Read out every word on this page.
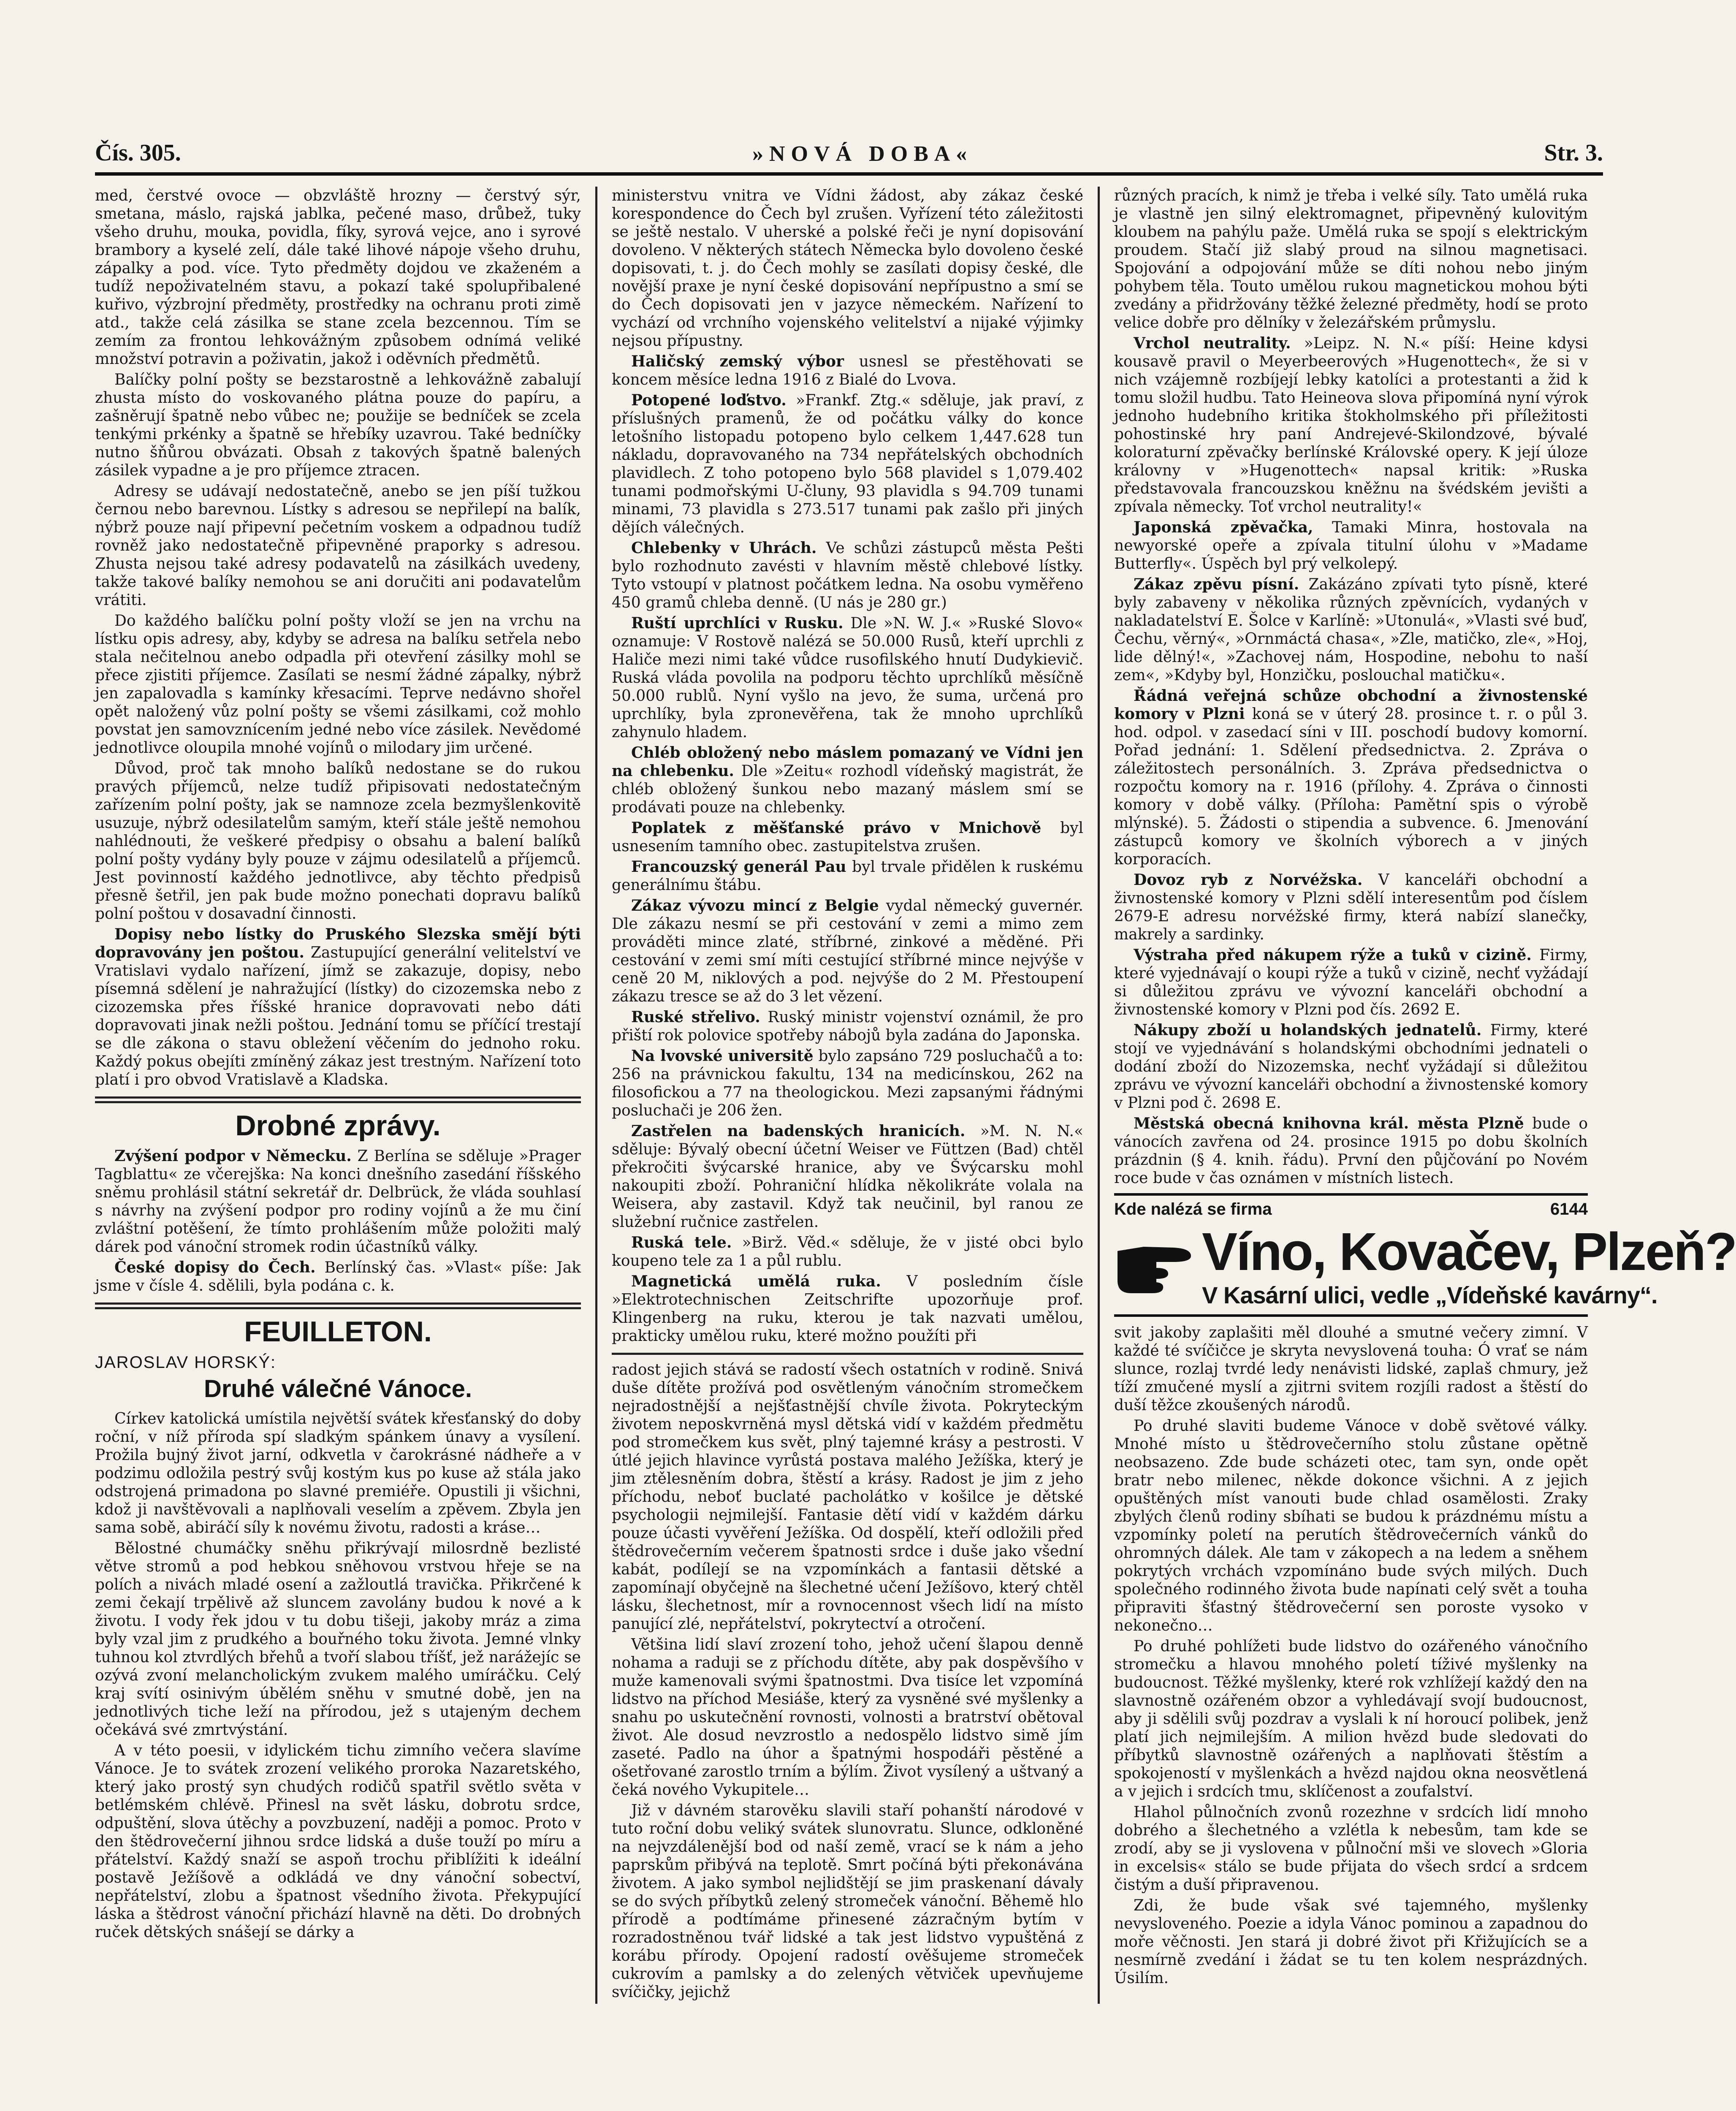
Čís. 305.	»NOVÁ DOBA«	Str. 3.

med, čerstvé ovoce — obzvláště hrozny — čerstvý sýr, smetana, máslo, rajská jablka, pečené maso, drůbež, tuky všeho druhu, mouka, povidla, fíky, syrová vejce, ano i syrové brambory a kyselé zelí, dále také lihové nápoje všeho druhu, zápalky a pod. více. Tyto předměty dojdou ve zkaženém a tudíž nepoživatelném stavu, a pokazí také spolupřibalené kuřivo, výzbrojní předměty, prostředky na ochranu proti zimě atd., takže celá zásilka se stane zcela bezcennou. Tím se zemím za frontou lehkovážným způsobem odnímá veliké množství potravin a poživatin, jakož i oděvních předmětů.

Balíčky polní pošty se bezstarostně a lehkovážně zabalují zhusta místo do voskovaného plátna pouze do papíru, a zašněrují špatně nebo vůbec ne; použije se bedníček se zcela tenkými prkénky a špatně se hřebíky uzavrou. Také bedníčky nutno šňůrou obvázati. Obsah z takových špatně balených zásilek vypadne a je pro příjemce ztracen.

Adresy se udávají nedostatečně, anebo se jen píší tužkou černou nebo barevnou. Lístky s adresou se nepřilepí na balík, nýbrž pouze nají připevní pečetním voskem a odpadnou tudíž rovněž jako nedostatečně připevněné praporky s adresou. Zhusta nejsou také adresy podavatelů na zásilkách uvedeny, takže takové balíky nemohou se ani doručiti ani podavatelům vrátiti.

Do každého balíčku polní pošty vloží se jen na vrchu na lístku opis adresy, aby, kdyby se adresa na balíku setřela nebo stala nečitelnou anebo odpadla při otevření zásilky mohl se přece zjistiti příjemce. Zasílati se nesmí žádné zápalky, nýbrž jen zapalovadla s kamínky křesacími. Teprve nedávno shořel opět naložený vůz polní pošty se všemi zásilkami, což mohlo povstat jen samovznícením jedné nebo více zásilek. Nevědomé jednotlivce oloupila mnohé vojínů o milodary jim určené.

Důvod, proč tak mnoho balíků nedostane se do rukou pravých příjemců, nelze tudíž připisovati nedostatečným zařízením polní pošty, jak se namnoze zcela bezmyšlenkovitě usuzuje, nýbrž odesilatelům samým, kteří stále ještě nemohou nahlédnouti, že veškeré předpisy o obsahu a balení balíků polní pošty vydány byly pouze v zájmu odesilatelů a příjemců. Jest povinností každého jednotlivce, aby těchto předpisů přesně šetřil, jen pak bude možno ponechati dopravu balíků polní poštou v dosavadní činnosti.

Dopisy nebo lístky do Pruského Slezska smějí býti dopravovány jen poštou. Zastupující generální velitelství ve Vratislavi vydalo nařízení, jímž se zakazuje, dopisy, nebo písemná sdělení je nahražující (lístky) do cizozemska nebo z cizozemska přes říšské hranice dopravovati nebo dáti dopravovati jinak nežli poštou. Jednání tomu se příčící trestají se dle zákona o stavu obležení věčením do jednoho roku. Každý pokus obejíti zmíněný zákaz jest trestným. Nařízení toto platí i pro obvod Vratislavě a Kladska.

Drobné zprávy.

Zvýšení podpor v Německu. Z Berlína se sděluje »Prager Tagblattu« ze včerejška: Na konci dnešního zasedání říšského sněmu prohlásil státní sekretář dr. Delbrück, že vláda souhlasí s návrhy na zvýšení podpor pro rodiny vojínů a že mu činí zvláštní potěšení, že tímto prohlášením může položiti malý dárek pod vánoční stromek rodin účastníků války.

České dopisy do Čech. Berlínský čas. »Vlast« píše: Jak jsme v čísle 4. sdělili, byla podána c. k.

FEUILLETON.
JAROSLAV HORSKÝ:
Druhé válečné Vánoce.

Církev katolická umístila největší svátek křesťanský do doby roční, v níž příroda spí sladkým spánkem únavy a vysílení. Prožila bujný život jarní, odkvetla v čarokrásné nádheře a v podzimu odložila pestrý svůj kostým kus po kuse až stála jako odstrojená primadona po slavné premiéře. Opustili ji všichni, kdož ji navštěvovali a naplňovali veselím a zpěvem. Zbyla jen sama sobě, abiráčí síly k novému životu, radosti a kráse…

Bělostné chumáčky sněhu přikrývají milosrdně bezlisté větve stromů a pod hebkou sněhovou vrstvou hřeje se na polích a nivách mladé osení a zažloutlá travička. Přikrčené k zemi čekají trpělivě až sluncem zavolány budou k nové a k životu. I vody řek jdou v tu dobu tišeji, jakoby mráz a zima byly vzal jim z prudkého a bouřného toku života. Jemné vlnky tuhnou kol ztvrdlých břehů a tvoří slabou tříšť, jež narážejíc se ozývá zvoní melancholickým zvukem malého umíráčku. Celý kraj svítí osinivým úbělém sněhu v smutné době, jen na jednotlivých tiche leží na přírodou, jež s utajeným dechem očekává své zmrtvýstání.

A v této poesii, v idylickém tichu zimního večera slavíme Vánoce. Je to svátek zrození velikého proroka Nazaretského, který jako prostý syn chudých rodičů spatřil světlo světa v betlémském chlévě. Přinesl na svět lásku, dobrotu srdce, odpuštění, slova útěchy a povzbuzení, naději a pomoc. Proto v den štědrovečerní jihnou srdce lidská a duše touží po míru a přátelství. Každý snaží se aspoň trochu přiblížiti k ideální postavě Ježíšově a odkládá ve dny vánoční sobectví, nepřátelství, zlobu a špatnost všedního života. Překypující láska a štědrost vánoční přichází hlavně na děti. Do drobných ruček dětských snášejí se dárky a

ministerstvu vnitra ve Vídni žádost, aby zákaz české korespondence do Čech byl zrušen. Vyřízení této záležitosti se ještě nestalo. V uherské a polské řeči je nyní dopisování dovoleno. V některých státech Německa bylo dovoleno české dopisovati, t. j. do Čech mohly se zasílati dopisy české, dle novější praxe je nyní české dopisování nepřípustno a smí se do Čech dopisovati jen v jazyce německém. Nařízení to vychází od vrchního vojenského velitelství a nijaké výjimky nejsou přípustny.

Haličský zemský výbor usnesl se přestěhovati se koncem měsíce ledna 1916 z Bialé do Lvova.

Potopené loďstvo. »Frankf. Ztg.« sděluje, jak praví, z příslušných pramenů, že od počátku války do konce letošního listopadu potopeno bylo celkem 1,447.628 tun nákladu, dopravovaného na 734 nepřátelských obchodních plavidlech. Z toho potopeno bylo 568 plavidel s 1,079.402 tunami podmořskými U-čluny, 93 plavidla s 94.709 tunami minami, 73 plavidla s 273.517 tunami pak zašlo při jiných dějích válečných.

Chlebenky v Uhrách. Ve schůzi zástupců města Pešti bylo rozhodnuto zavésti v hlavním městě chlebové lístky. Tyto vstoupí v platnost počátkem ledna. Na osobu vyměřeno 450 gramů chleba denně. (U nás je 280 gr.)

Ruští uprchlíci v Rusku. Dle »N. W. J.« »Ruské Slovo« oznamuje: V Rostově nalézá se 50.000 Rusů, kteří uprchli z Haliče mezi nimi také vůdce rusofilského hnutí Dudykievič. Ruská vláda povolila na podporu těchto uprchlíků měsíčně 50.000 rublů. Nyní vyšlo na jevo, že suma, určená pro uprchlíky, byla zpronevěřena, tak že mnoho uprchlíků zahynulo hladem.

Chléb obložený nebo máslem pomazaný ve Vídni jen na chlebenku. Dle »Zeitu« rozhodl vídeňský magistrát, že chléb obložený šunkou nebo mazaný máslem smí se prodávati pouze na chlebenky.

Poplatek z měšťanské právo v Mnichově byl usnesením tamního obec. zastupitelstva zrušen.

Francouzský generál Pau byl trvale přidělen k ruskému generálnímu štábu.

Zákaz vývozu mincí z Belgie vydal německý guvernér. Dle zákazu nesmí se při cestování v zemi a mimo zem prováděti mince zlaté, stříbrné, zinkové a měděné. Při cestování v zemi smí míti cestující stříbrné mince nejvýše v ceně 20 M, niklových a pod. nejvýše do 2 M. Přestoupení zákazu tresce se až do 3 let vězení.

Ruské střelivo. Ruský ministr vojenství oznámil, že pro přiští rok polovice spotřeby nábojů byla zadána do Japonska.

Na lvovské universitě bylo zapsáno 729 posluchačů a to: 256 na právnickou fakultu, 134 na medicínskou, 262 na filosofickou a 77 na theologickou. Mezi zapsanými řádnými posluchači je 206 žen.

Zastřelen na badenských hranicích. »M. N. N.« sděluje: Bývalý obecní účetní Weiser ve Füttzen (Bad) chtěl překročiti švýcarské hranice, aby ve Švýcarsku mohl nakoupiti zboží. Pohraniční hlídka několikráte volala na Weisera, aby zastavil. Když tak neučinil, byl ranou ze služební ručnice zastřelen.

Ruská tele. »Birž. Věd.« sděluje, že v jisté obci bylo koupeno tele za 1 a půl rublu.

Magnetická umělá ruka. V posledním čísle »Elektrotechnischen Zeitschrifte upozorňuje prof. Klingenberg na ruku, kterou je tak nazvati umělou, prakticky umělou ruku, které možno použíti při

radost jejich stává se radostí všech ostatních v rodině. Snivá duše dítěte prožívá pod osvětleným vánočním stromečkem nejradostnější a nejšťastnější chvíle života. Pokryteckým životem neposkvrněná mysl dětská vidí v každém předmětu pod stromečkem kus svět, plný tajemné krásy a pestrosti. V útlé jejich hlavince vyrůstá postava malého Ježíška, který je jim ztělesněním dobra, štěstí a krásy. Radost je jim z jeho příchodu, neboť buclaté pacholátko v košilce je dětské psychologii nejmilejší. Fantasie dětí vidí v každém dárku pouze účasti vyvěření Ježíška. Od dospělí, kteří odložili před štědrovečerním večerem špatnosti srdce i duše jako všední kabát, podílejí se na vzpomínkách a fantasii dětské a zapomínají obyčejně na šlechetné učení Ježíšovo, který chtěl lásku, šlechetnost, mír a rovnocennost všech lidí na místo panující zlé, nepřátelství, pokrytectví a otročení.

Většina lidí slaví zrození toho, jehož učení šlapou denně nohama a raduji se z příchodu dítěte, aby pak dospěvšího v muže kamenovali svými špatnostmi. Dva tisíce let vzpomíná lidstvo na příchod Mesiáše, který za vysněné své myšlenky a snahu po uskutečnění rovnosti, volnosti a bratrství obětoval život. Ale dosud nevzrostlo a nedospělo lidstvo simě jím zaseté. Padlo na úhor a špatnými hospodáři pěstěné a ošetřované zarostlo trním a býlím. Život vysílený a uštvaný a čeká nového Vykupitele…

Již v dávném starověku slavili staří pohanští národové v tuto roční dobu veliký svátek slunovratu. Slunce, odkloněné na nejvzdálenější bod od naší země, vrací se k nám a jeho paprskům přibývá na teplotě. Smrt počíná býti překonávána životem. A jako symbol nejlidštějí se jim praskenaní dávaly se do svých příbytků zelený stromeček vánoční. Běhemě hlo přírodě a podtímáme přinesené zázračným bytím v rozradostněnou tvář lidské a tak jest lidstvo vypuštěná z korábu přírody. Opojení radostí ověšujeme stromeček cukrovím a pamlsky a do zelených větviček upevňujeme svíčičky, jejichž

různých pracích, k nimž je třeba i velké síly. Tato umělá ruka je vlastně jen silný elektromagnet, připevněný kulovitým kloubem na pahýlu paže. Umělá ruka se spojí s elektrickým proudem. Stačí již slabý proud na silnou magnetisaci. Spojování a odpojování může se díti nohou nebo jiným pohybem těla. Touto umělou rukou magnetickou mohou býti zvedány a přidržovány těžké železné předměty, hodí se proto velice dobře pro dělníky v železářském průmyslu.

Vrchol neutrality. »Leipz. N. N.« píší: Heine kdysi kousavě pravil o Meyerbeerových »Hugenottech«, že si v nich vzájemně rozbíjejí lebky katolíci a protestanti a žid k tomu složil hudbu. Tato Heineova slova připomíná nyní výrok jednoho hudebního kritika štokholmského při příležitosti pohostinské hry paní Andrejevé-Skilondzové, bývalé koloraturní zpěvačky berlínské Královské opery. K její úloze královny v »Hugenottech« napsal kritik: »Ruska představovala francouzskou kněžnu na švédském jevišti a zpívala německy. Toť vrchol neutrality!«

Japonská zpěvačka, Tamaki Minra, hostovala na newyorské opeře a zpívala titulní úlohu v »Madame Butterfly«. Úspěch byl prý velkolepý.

Zákaz zpěvu písní. Zakázáno zpívati tyto písně, které byly zabaveny v několika různých zpěvnících, vydaných v nakladatelství E. Šolce v Karlíně: »Utonulá«, »Vlasti své buď, Čechu, věrný«, »Ornmáctá chasa«, »Zle, matičko, zle«, »Hoj, lide dělný!«, »Zachovej nám, Hospodine, nebohu to naší zem«, »Kdyby byl, Honzičku, poslouchal matičku«.

Řádná veřejná schůze obchodní a živnostenské komory v Plzni koná se v úterý 28. prosince t. r. o půl 3. hod. odpol. v zasedací síni v III. poschodí budovy komorní. Pořad jednání: 1. Sdělení předsednictva. 2. Zpráva o záležitostech personálních. 3. Zpráva předsednictva o rozpočtu komory na r. 1916 (přílohy. 4. Zpráva o činnosti komory v době války. (Příloha: Pamětní spis o výrobě mlýnské). 5. Žádosti o stipendia a subvence. 6. Jmenování zástupců komory ve školních výborech a v jiných korporacích.

Dovoz ryb z Norvéžska. V kanceláři obchodní a živnostenské komory v Plzni sdělí interesentům pod číslem 2679-E adresu norvéžské firmy, která nabízí slanečky, makrely a sardinky.

Výstraha před nákupem rýže a tuků v cizině. Firmy, které vyjednávají o koupi rýže a tuků v cizině, nechť vyžádají si důležitou zprávu ve vývozní kanceláři obchodní a živnostenské komory v Plzni pod čís. 2692 E.

Nákupy zboží u holandských jednatelů. Firmy, které stojí ve vyjednávání s holandskými obchodními jednateli o dodání zboží do Nizozemska, nechť vyžádají si důležitou zprávu ve vývozní kanceláři obchodní a živnostenské komory v Plzni pod č. 2698 E.

Městská obecná knihovna král. města Plzně bude o vánocích zavřena od 24. prosince 1915 po dobu školních prázdnin (§ 4. knih. řádu). První den půjčování po Novém roce bude v čas oznámen v místních listech.

Kde nalézá se firma	6144
Víno, Kovačev, Plzeň?
V Kasární ulici, vedle „Vídeňské kavárny“.

svit jakoby zaplašiti měl dlouhé a smutné večery zimní. V každé té svíčičce je skryta nevyslovená touha: Ó vrať se nám slunce, rozlaj tvrdé ledy nenávisti lidské, zaplaš chmury, jež tíží zmučené myslí a zjitrni svitem rozjíli radost a štěstí do duší těžce zkoušených národů.

Po druhé slaviti budeme Vánoce v době světové války. Mnohé místo u štědrovečerního stolu zůstane opětně neobsazeno. Zde bude scházeti otec, tam syn, onde opět bratr nebo milenec, někde dokonce všichni. A z jejich opuštěných míst vanouti bude chlad osamělosti. Zraky zbylých členů rodiny sbíhati se budou k prázdnému místu a vzpomínky poletí na perutích štědrovečerních vánků do ohromných dálek. Ale tam v zákopech a na ledem a sněhem pokrytých vrchách vzpomínáno bude svých milých. Duch společného rodinného života bude napínati celý svět a touha připraviti šťastný štědrovečerní sen poroste vysoko v nekonečno…

Po druhé pohlížeti bude lidstvo do ozářeného vánočního stromečku a hlavou mnohého poletí tíživé myšlenky na budoucnost. Těžké myšlenky, které rok vzhlížejí každý den na slavnostně ozářeném obzor a vyhledávají svojí budoucnost, aby ji sdělili svůj pozdrav a vyslali k ní horoucí polibek, jenž platí jich nejmilejším. A milion hvězd bude sledovati do příbytků slavnostně ozářených a naplňovati štěstím a spokojeností v myšlenkách a hvězd najdou okna neosvětlená a v jejich i srdcích tmu, sklíčenost a zoufalství.

Hlahol půlnočních zvonů rozezhne v srdcích lidí mnoho dobrého a šlechetného a vzlétla k nebesům, tam kde se zrodí, aby se ji vyslovena v půlnoční mši ve slovech »Gloria in excelsis« stálo se bude přijata do všech srdcí a srdcem čistým a duší připravenou.

Zdi, že bude však své tajemného, myšlenky nevysloveného. Poezie a idyla Vánoc pominou a zapadnou do moře věčnosti. Jen stará ji dobré život při Křižujících se a nesmírně zvedání i žádat se tu ten kolem nesprázdných. Úsilím.
